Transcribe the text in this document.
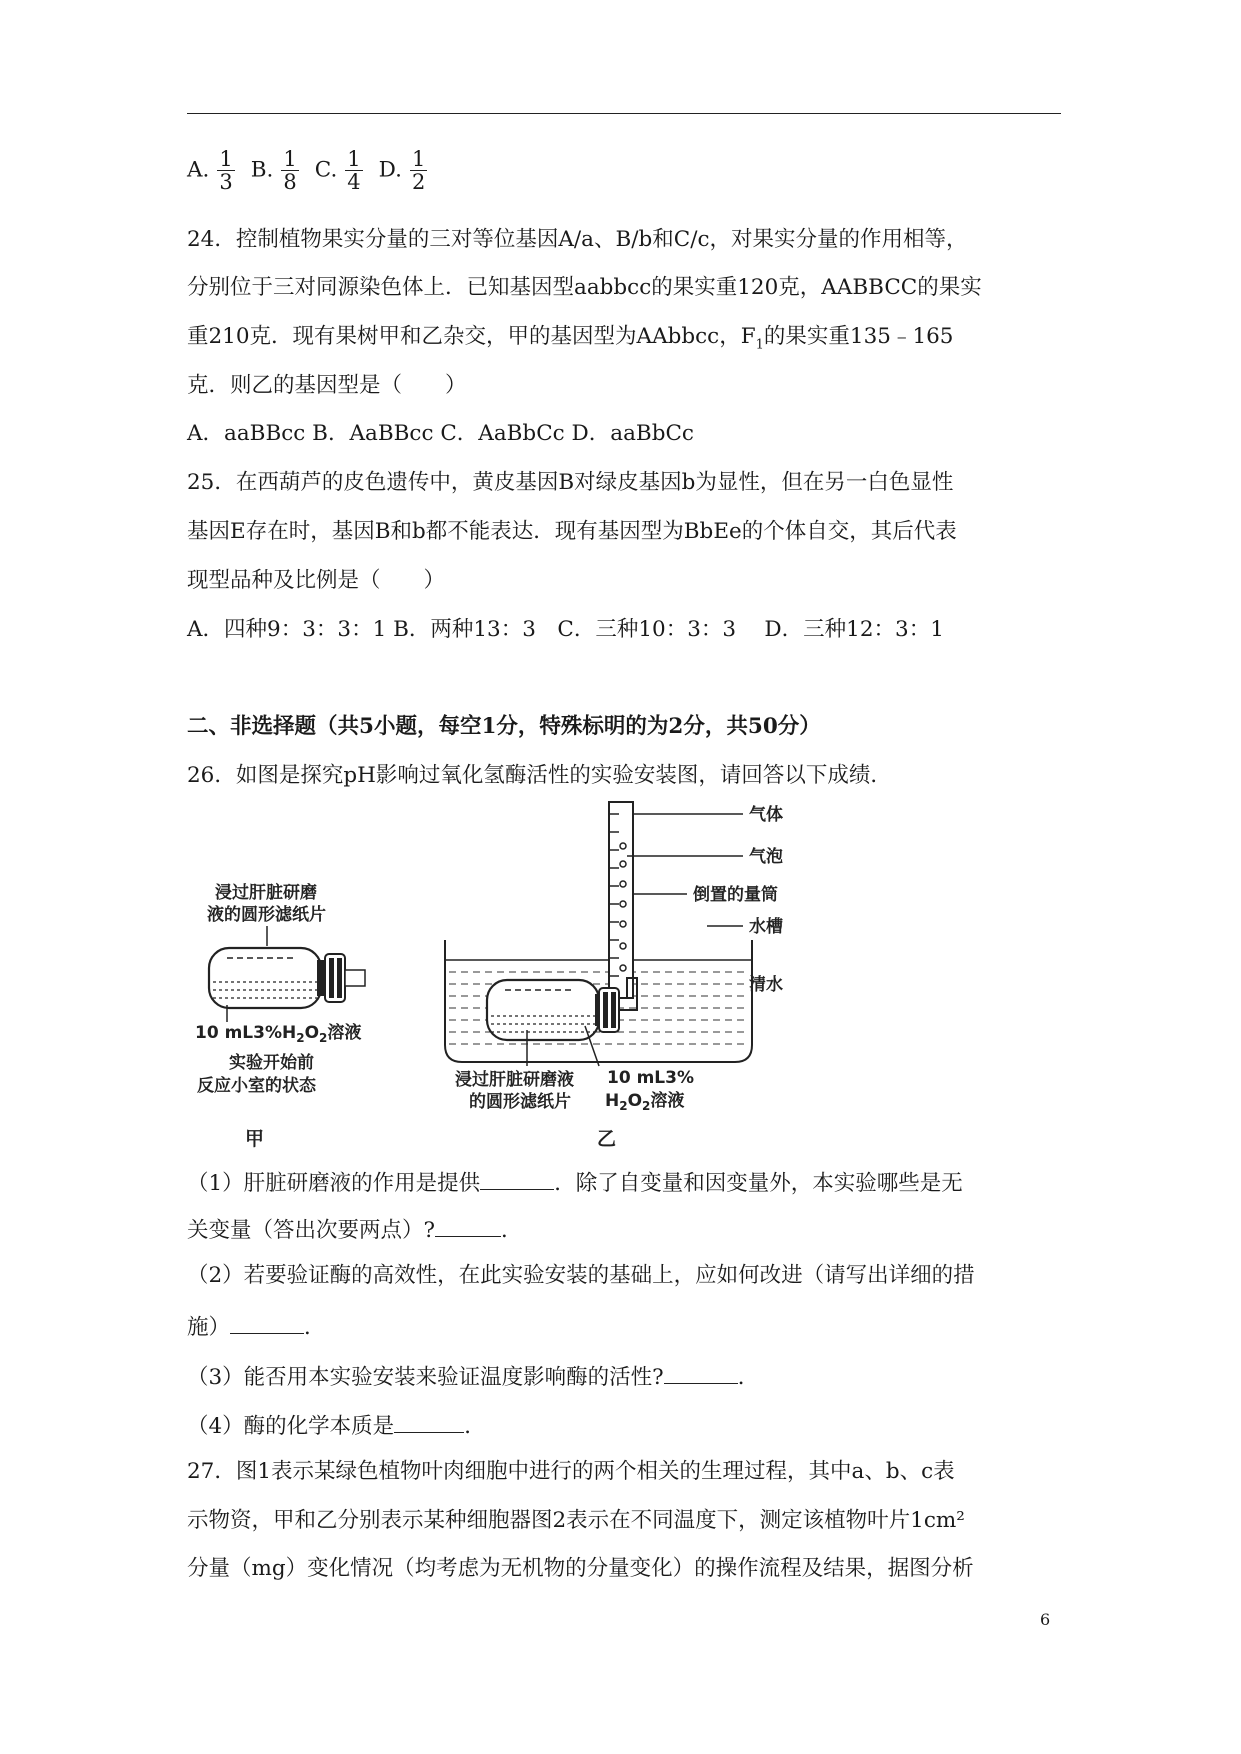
A. $\frac{1}{3} B$. $\frac{1}{8} C$. $\frac{1}{4} D$. $\frac{1}{2}$
24．控制植物果实分量的三对等位基因A/a、B/b和C/c，对果实分量的作用相等，
分别位于三对同源染色体上．已知基因型aabbcc的果实重120克，AABBCC的果实
重210克．现有果树甲和乙杂交，甲的基因型为AAbbcc，$F_1$的果实重135﹣165
克．则乙的基因型是（　　）
A．aaBBcc B．AaBBcc C．AaBbCc D．aaBbCc
25．在西葫芦的皮色遗传中，黄皮基因B对绿皮基因b为显性，但在另一白色显性
基因E存在时，基因B和b都不能表达．现有基因型为BbEe的个体自交，其后代表
现型品种及比例是（　　）
A．四种9：3：3：1 B．两种13：3　C．三种10：3：3　 D．三种12：3：1
二、非选择题（共5小题，每空1分，特殊标明的为2分，共50分）
26．如图是探究pH影响过氧化氢酶活性的实验安装图，请回答以下成绩．
浸过肝脏研磨
液的圆形滤纸片
10 $mL3\%H_2O_2$溶液
实验开始前
反应小室的状态
甲
气体
气泡
倒置的量筒
水槽
清水
浸过肝脏研磨液
的圆形滤纸片
10 mL3%
$H_2O_2$溶液
乙
（1）肝脏研磨液的作用是提供	．除了自变量和因变量外，本实验哪些是无
关变量（答出次要两点）?	．
（2）若要验证酶的高效性，在此实验安装的基础上，应如何改进（请写出详细的措
施）	．
（3）能否用本实验安装来验证温度影响酶的活性?	．
（4）酶的化学本质是	．
27．图1表示某绿色植物叶肉细胞中进行的两个相关的生理过程，其中a、b、c表
示物资，甲和乙分别表示某种细胞器图2表示在不同温度下，测定该植物叶片1cm²
分量（mg）变化情况（均考虑为无机物的分量变化）的操作流程及结果，据图分析
6
